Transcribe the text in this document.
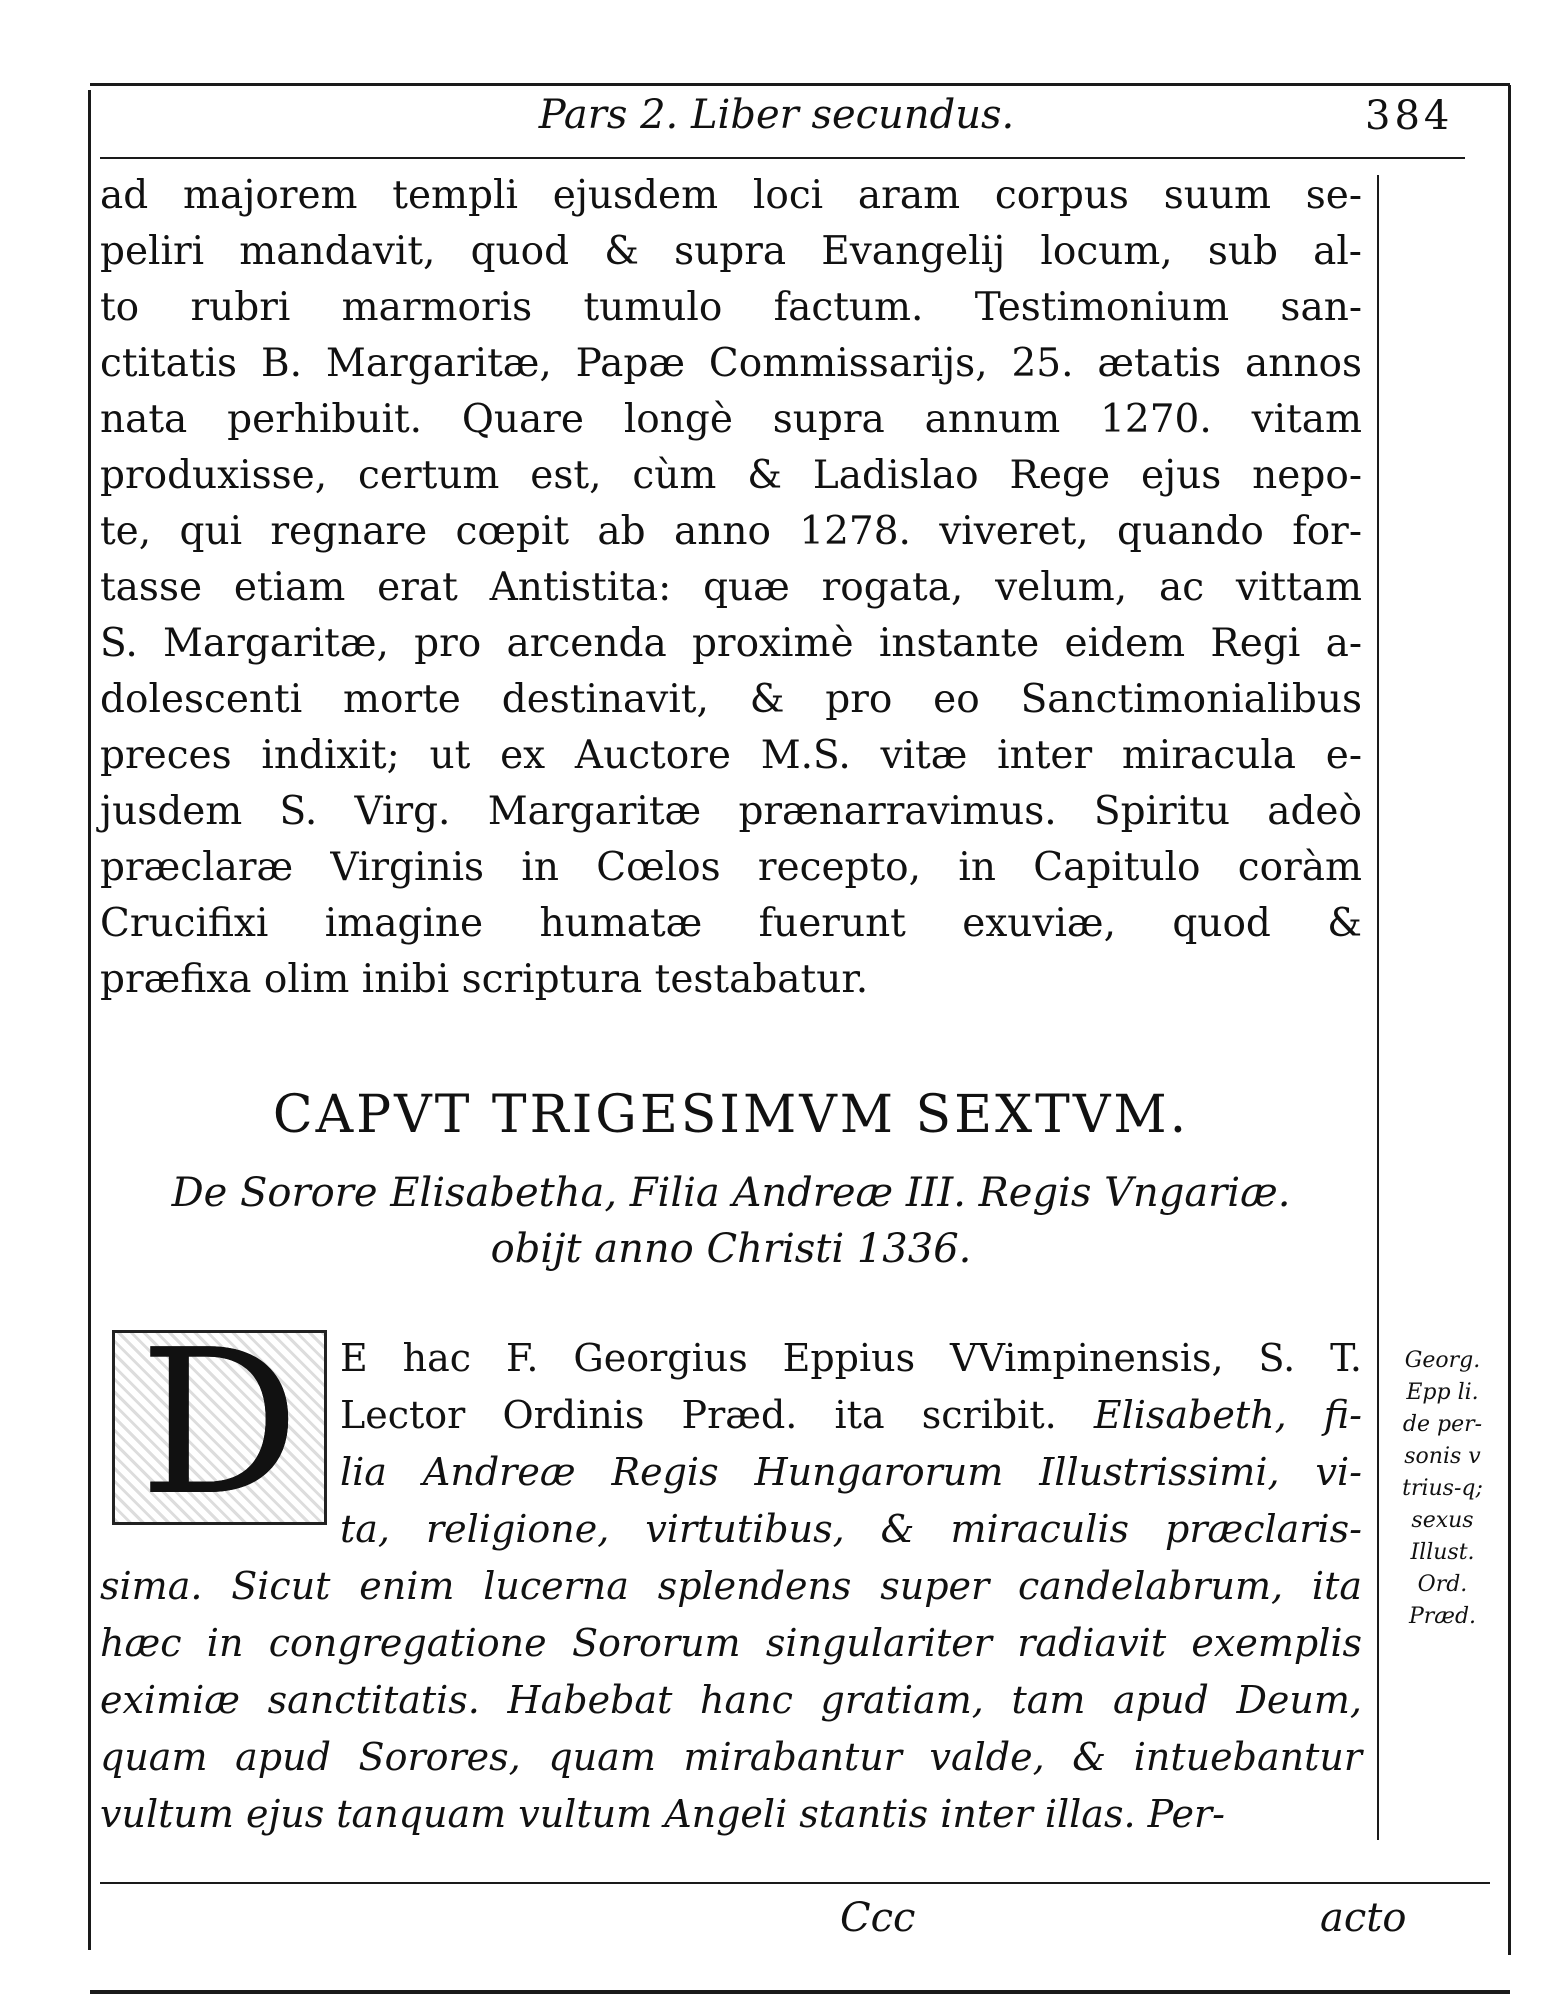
Pars 2. Liber secundus.	384
ad majorem templi ejusdem loci aram corpus suum se-
peliri mandavit, quod & supra Evangelij locum, sub al-
to rubri marmoris tumulo factum. Testimonium san-
ctitatis B. Margaritæ, Papæ Commissarijs, 25. ætatis annos
nata perhibuit. Quare longè supra annum 1270. vitam
produxisse, certum est, cùm & Ladislao Rege ejus nepo-
te, qui regnare cœpit ab anno 1278. viveret, quando for-
tasse etiam erat Antistita: quæ rogata, velum, ac vittam
S. Margaritæ, pro arcenda proximè instante eidem Regi a-
dolescenti morte destinavit, & pro eo Sanctimonialibus
preces indixit; ut ex Auctore M.S. vitæ inter miracula e-
jusdem S. Virg. Margaritæ prænarravimus. Spiritu adeò
præclaræ Virginis in Cœlos recepto, in Capitulo coràm
Crucifixi imagine humatæ fuerunt exuviæ, quod &
præfixa olim inibi scriptura testabatur.
CAPVT TRIGESIMVM SEXTVM.
De Sorore Elisabetha, Filia Andreæ III. Regis Vngariæ.
obijt anno Christi 1336.
D E hac F. Georgius Eppius VVimpinensis, S. T.
Lector Ordinis Præd. ita scribit. Elisabeth, fi-
lia Andreæ Regis Hungarorum Illustrissimi, vi-
ta, religione, virtutibus, & miraculis præclaris-
sima. Sicut enim lucerna splendens super candelabrum, ita
hæc in congregatione Sororum singulariter radiavit exemplis
eximiæ sanctitatis. Habebat hanc gratiam, tam apud Deum,
quam apud Sorores, quam mirabantur valde, & intuebantur
vultum ejus tanquam vultum Angeli stantis inter illas. Per-
Georg.
Epp li.
de per-
sonis v
trius-q;
sexus
Illust.
Ord.
Præd.
Ccc	acto
